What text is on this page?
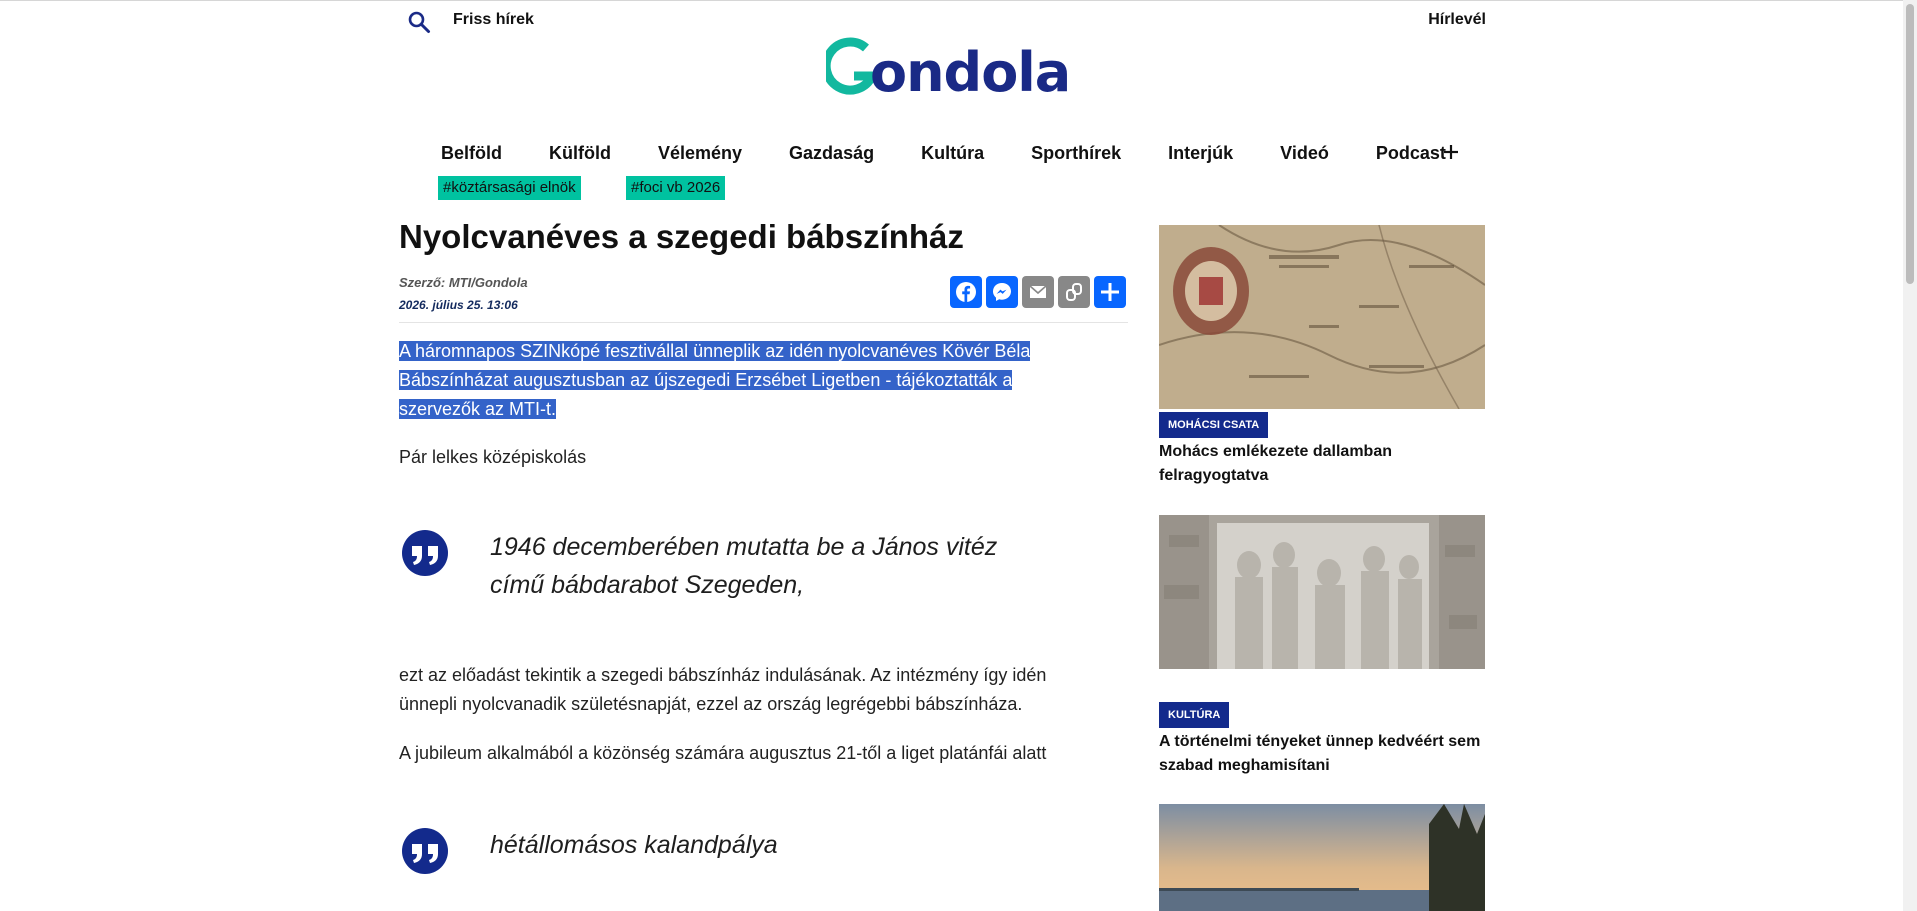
Friss hírek	Hírlevél
ondola
Belföld	Külföld	Vélemény	Gazdaság	Kultúra	Sporthírek	Interjúk	Videó	Podcast
#köztársasági elnök	#foci vb 2026
Nyolcvanéves a szegedi bábszínház
Szerző: MTI/Gondola
2026. július 25. 13:06
A háromnapos SZINkópé fesztivállal ünneplik az idén nyolcvanéves Kövér Béla
Bábszínházat augusztusban az újszegedi Erzsébet Ligetben - tájékoztatták a
szervezők az MTI-t.

Pár lelkes középiskolás

1946 decemberében mutatta be a János vitéz
című bábdarabot Szegeden,
ezt az előadást tekintik a szegedi bábszínház indulásának. Az intézmény így idén
ünnepli nyolcvanadik születésnapját, ezzel az ország legrégebbi bábszínháza.

A jubileum alkalmából a közönség számára augusztus 21-től a liget platánfái alatt

hétállomásos kalandpálya
MOHÁCSI CSATA
Mohács emlékezete dallamban
felragyogtatva
KULTÚRA
A történelmi tényeket ünnep kedvéért sem
szabad meghamisítani
